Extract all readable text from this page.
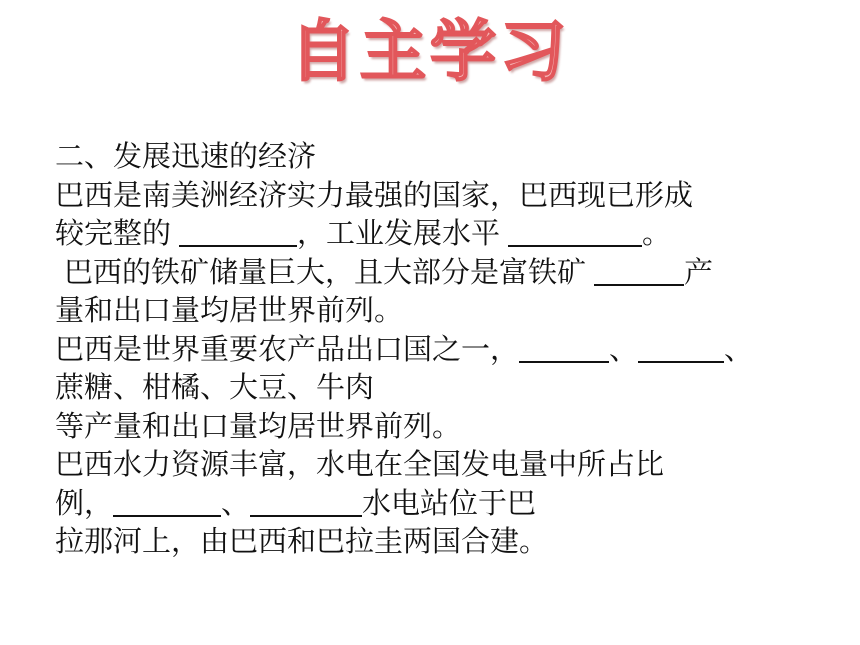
自主学习
二、发展迅速的经济
巴西是南美洲经济实力最强的国家，巴西现已形成
较完整的	，工业发展水平	。
巴西的铁矿储量巨大，且大部分是富铁矿	产
量和出口量均居世界前列。
巴西是世界重要农产品出口国之一，	、	、
蔗糖、柑橘、大豆、牛肉
等产量和出口量均居世界前列。
巴西水力资源丰富，水电在全国发电量中所占比
例，	、	水电站位于巴
拉那河上，由巴西和巴拉圭两国合建。
